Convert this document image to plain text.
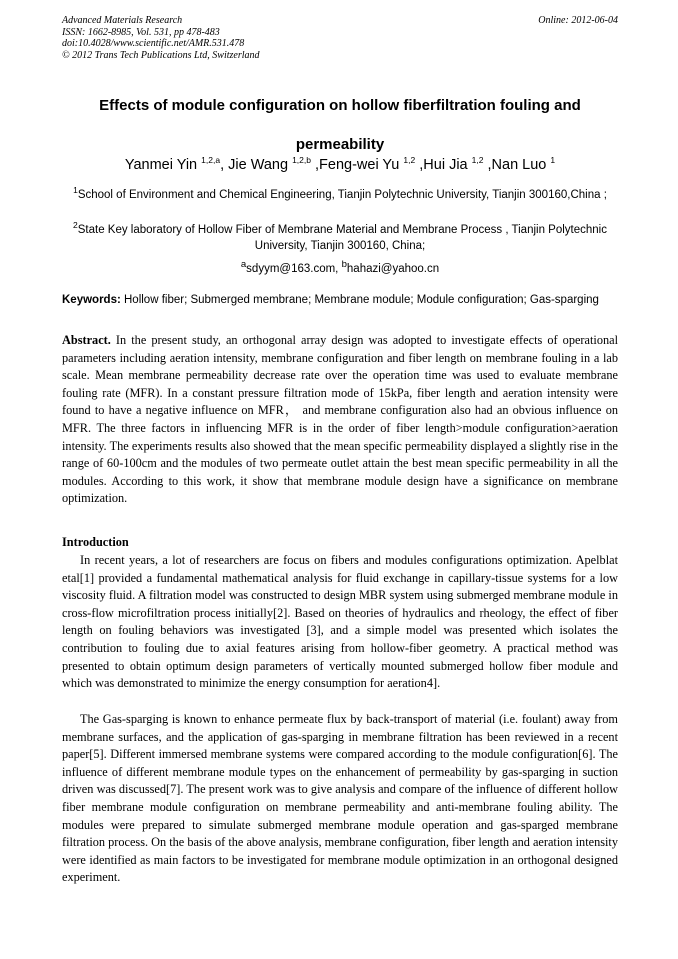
Advanced Materials Research
ISSN: 1662-8985, Vol. 531, pp 478-483
doi:10.4028/www.scientific.net/AMR.531.478
© 2012 Trans Tech Publications Ltd, Switzerland
Online: 2012-06-04
Effects of module configuration on hollow fiberfiltration fouling and permeability
Yanmei Yin $^{1,2,a}$, Jie Wang $^{1,2,b}$ ,Feng-wei Yu $^{1,2}$ ,Hui Jia $^{1,2}$ ,Nan Luo $^1$
$^1$School of Environment and Chemical Engineering, Tianjin Polytechnic University, Tianjin 300160,China ;
$^2$State Key laboratory of Hollow Fiber of Membrane Material and Membrane Process , Tianjin Polytechnic University, Tianjin 300160, China;
$^a$sdyym@163.com, $^b$hahazi@yahoo.cn
Keywords: Hollow fiber; Submerged membrane; Membrane module; Module configuration; Gas-sparging
Abstract. In the present study, an orthogonal array design was adopted to investigate effects of operational parameters including aeration intensity, membrane configuration and fiber length on membrane fouling in a lab scale. Mean membrane permeability decrease rate over the operation time was used to evaluate membrane fouling rate (MFR). In a constant pressure filtration mode of 15kPa, fiber length and aeration intensity were found to have a negative influence on MFR， and membrane configuration also had an obvious influence on MFR. The three factors in influencing MFR is in the order of fiber length>module configuration>aeration intensity. The experiments results also showed that the mean specific permeability displayed a slightly rise in the range of 60-100cm and the modules of two permeate outlet attain the best mean specific permeability in all the modules. According to this work, it show that membrane module design have a significance on membrane optimization.
Introduction
In recent years, a lot of researchers are focus on fibers and modules configurations optimization. Apelblat etal[1] provided a fundamental mathematical analysis for fluid exchange in capillary-tissue systems for a low viscosity fluid. A filtration model was constructed to design MBR system using submerged membrane module in cross-flow microfiltration process initially[2]. Based on theories of hydraulics and rheology, the effect of fiber length on fouling behaviors was investigated [3], and a simple model was presented which isolates the contribution to fouling due to axial features arising from hollow-fiber geometry. A practical method was presented to obtain optimum design parameters of vertically mounted submerged hollow fiber module and which was demonstrated to minimize the energy consumption for aeration4].
The Gas-sparging is known to enhance permeate flux by back-transport of material (i.e. foulant) away from membrane surfaces, and the application of gas-sparging in membrane filtration has been reviewed in a recent paper[5]. Different immersed membrane systems were compared according to the module configuration[6]. The influence of different membrane module types on the enhancement of permeability by gas-sparging in suction driven was discussed[7]. The present work was to give analysis and compare of the influence of different hollow fiber membrane module configuration on membrane permeability and anti-membrane fouling ability. The modules were prepared to simulate submerged membrane module operation and gas-sparged membrane filtration process. On the basis of the above analysis, membrane configuration, fiber length and aeration intensity were identified as main factors to be investigated for membrane module optimization in an orthogonal designed experiment.
